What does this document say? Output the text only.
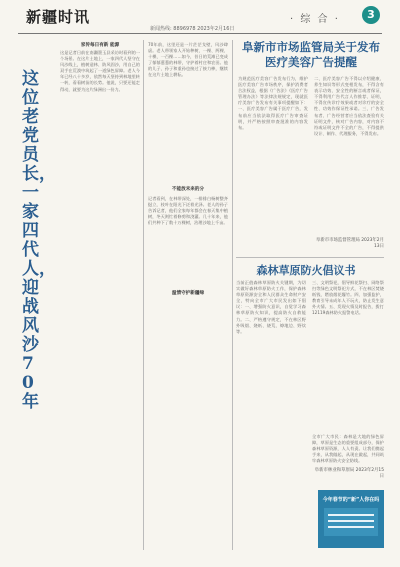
新疆时讯	· 综 合 ·	3
新闻热线: 8896978 2023年2月16日
这位老党员长，一家四代人，迎战风沙70年
家传每日有新 能源
这是记者日前在南疆墨玉县采访时看到的一个场景。在这片土地上，一家四代人坚守在风沙线上，植树造林、防风固沙，用自己的双手在荒漠中筑起了一道绿色屏障。老人今年已经八十多岁，依然每天坚持到林地里转一转，看看树苗的长势。他说，只要还能走得动，就要为这片绿洲出一份力。
不能放未来的分
70年前，这里还是一片茫茫戈壁，风沙肆虐。老人带领家人开始种树，一棵、两棵、十棵、一百棵……如今，昔日的荒滩已变成了郁郁葱葱的林带，守护着村庄和农田。他的儿子、孙子和重孙也接过了接力棒，继续在这片土地上耕耘。
温情守护新疆绿
记者看到，在林带深处，一排排白杨树整齐挺立，枝叶在阳光下泛着光泽。老人的孙子告诉记者，他们全家每年都会在春天集中植树，冬天则忙着修剪和浇灌。几十年来，他们共种下了数十万棵树，治理沙地上千亩。
阜新市市场监管局关于发布医疗美容广告提醒
为规范医疗美容广告发布行为，维护医疗美容广告市场秩序，保护消费者合法权益，根据《广告法》《医疗广告管理办法》等法律法规规定，现就医疗美容广告发布有关事项提醒如下：一、医疗美容广告属于医疗广告，发布前应当依法取得医疗广告审查证明，并严格按照审查批准的内容发布。
二、医疗美容广告不得以介绍健康、养生知识等形式变相发布，不得含有表示功效、安全性的断言或者保证，不得利用广告代言人作推荐、证明，不得宣传诊疗效果或者对诊疗的安全性、功效作保证性承诺。三、广告发布者、广告经营者应当依法查验有关证明文件，核对广告内容，对内容不符或证明文件不全的广告，不得提供设计、制作、代理服务，不得发布。
阜新市市场监督管理局 2023年2月13日
森林草原防火倡议书
当前正值森林草原防火关键期，为切实做好森林草原防火工作，保护森林草原资源安全和人民群众生命财产安全，特向全市广大市民发出如下倡议：一、增强防火意识，自觉学习森林草原防火知识，提高防火自救能力。二、严格遵守规定，不在林区野外吸烟、烧纸、烧荒、燎地边、野炊等。
三、文明祭祀，倡导鲜花祭扫、网络祭扫等绿色文明祭祀方式，不在林区焚烧纸钱、燃放烟花爆竹。四、加强监护，教育引导未成年人不玩火，防止发生意外火情。五、发现火情及时报告，拨打12119森林防火报警电话。
全市广大市民：森林是大地的绿色屏障，草原是生态的重要组成部分，保护森林草原资源，人人有责。让我们携起手来，从我做起，从现在做起，共同筑牢森林草原防火安全防线。
阜新市林业和草原局 2023年2月15日
今年春节的“新”人你在吗
